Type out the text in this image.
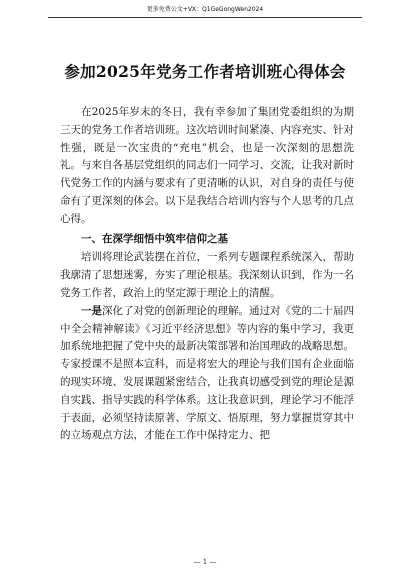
更多免费公文+VX：Q1GeGongWen2024
参加2025年党务工作者培训班心得体会

在2025年岁末的冬日，我有幸参加了集团党委组织的为期三天的党务工作者培训班。这次培训时间紧凑、内容充实、针对性强，既是一次宝贵的“充电”机会，也是一次深刻的思想洗礼。与来自各基层党组织的同志们一同学习、交流，让我对新时代党务工作的内涵与要求有了更清晰的认识，对自身的责任与使命有了更深刻的体会。以下是我结合培训内容与个人思考的几点心得。

一、在深学细悟中筑牢信仰之基

培训将理论武装摆在首位，一系列专题课程系统深入，帮助我廓清了思想迷雾，夯实了理论根基。我深刻认识到，作为一名党务工作者，政治上的坚定源于理论上的清醒。

一是深化了对党的创新理论的理解。通过对《党的二十届四中全会精神解读》《习近平经济思想》等内容的集中学习，我更加系统地把握了党中央的最新决策部署和治国理政的战略思想。专家授课不是照本宣科，而是将宏大的理论与我们国有企业面临的现实环境、发展课题紧密结合，让我真切感受到党的理论是源自实践、指导实践的科学体系。这让我意识到，理论学习不能浮于表面，必须坚持读原著、学原文、悟原理，努力掌握贯穿其中的立场观点方法，才能在工作中保持定力、把

— 1 —
